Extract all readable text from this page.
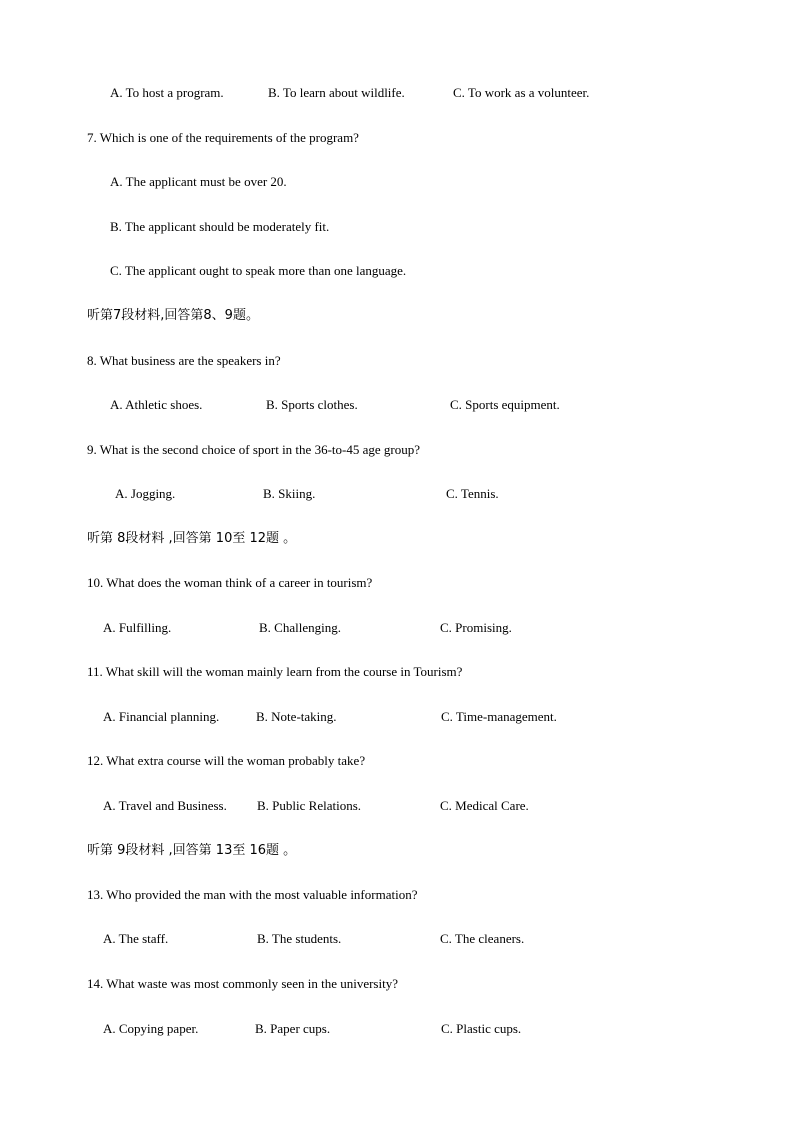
A. To host a program.	B. To learn about wildlife.	C. To work as a volunteer.
7. Which is one of the requirements of the program?
A. The applicant must be over 20.
B. The applicant should be moderately fit.
C. The applicant ought to speak more than one language.
听第7段材料,回答第8、9题。
8. What business are the speakers in?
A. Athletic shoes.	B. Sports clothes.	C. Sports equipment.
9. What is the second choice of sport in the 36-to-45 age group?
A. Jogging.	B. Skiing.	C. Tennis.
听第 8段材料 ,回答第 10至 12题 。
10. What does the woman think of a career in tourism?
A. Fulfilling.	B. Challenging.	C. Promising.
11. What skill will the woman mainly learn from the course in Tourism?
A. Financial planning.	B. Note-taking.	C. Time-management.
12. What extra course will the woman probably take?
A. Travel and Business. B. Public Relations.	C. Medical Care.
听第 9段材料 ,回答第 13至 16题 。
13. Who provided the man with the most valuable information?
A. The staff.	B. The students.	C. The cleaners.
14. What waste was most commonly seen in the university?
A. Copying paper.	B. Paper cups.	C. Plastic cups.
